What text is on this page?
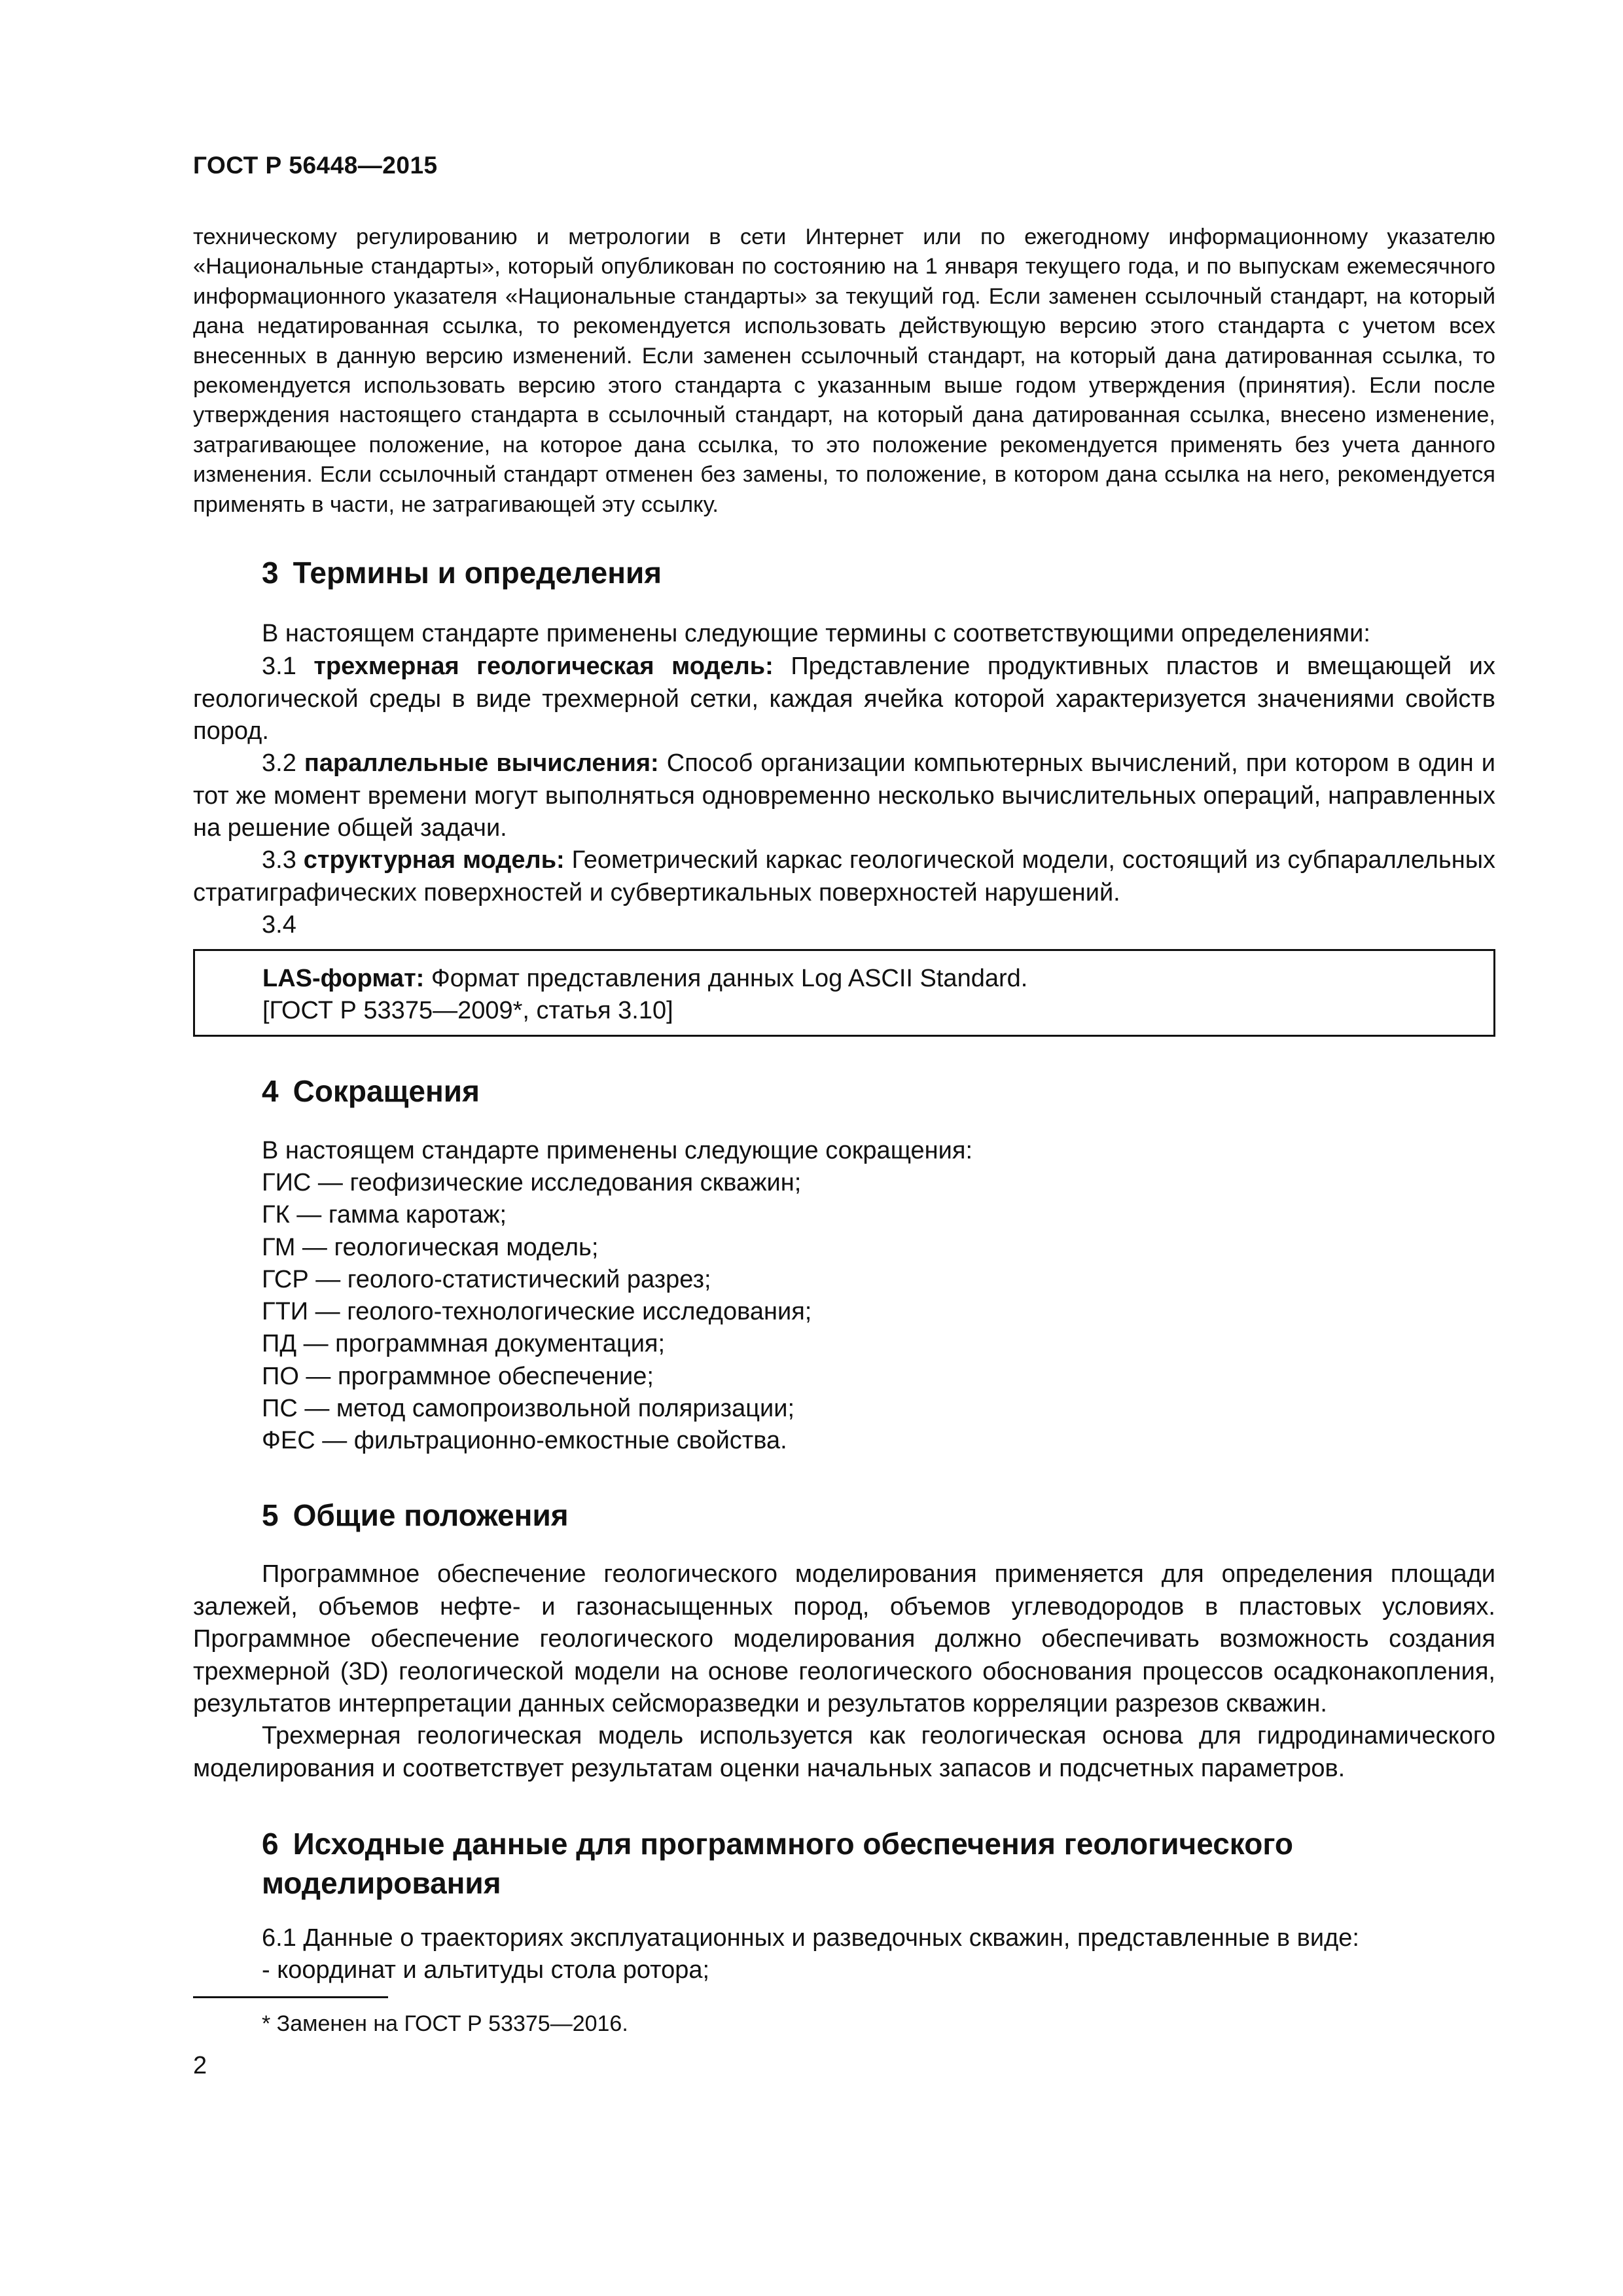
ГОСТ Р 56448—2015
техническому регулированию и метрологии в сети Интернет или по ежегодному информационному указателю «Национальные стандарты», который опубликован по состоянию на 1 января текущего года, и по выпускам ежемесячного информационного указателя «Национальные стандарты» за текущий год. Если заменен ссылочный стандарт, на который дана недатированная ссылка, то рекомендуется использовать действующую версию этого стандарта с учетом всех внесенных в данную версию изменений. Если заменен ссылочный стандарт, на который дана датированная ссылка, то рекомендуется использовать версию этого стандарта с указанным выше годом утверждения (принятия). Если после утверждения настоящего стандарта в ссылочный стандарт, на который дана датированная ссылка, внесено изменение, затрагивающее положение, на которое дана ссылка, то это положение рекомендуется применять без учета данного изменения. Если ссылочный стандарт отменен без замены, то положение, в котором дана ссылка на него, рекомендуется применять в части, не затрагивающей эту ссылку.
3 Термины и определения
В настоящем стандарте применены следующие термины с соответствующими определениями:
3.1 трехмерная геологическая модель: Представление продуктивных пластов и вмещающей их геологической среды в виде трехмерной сетки, каждая ячейка которой характеризуется значениями свойств пород.
3.2 параллельные вычисления: Способ организации компьютерных вычислений, при котором в один и тот же момент времени могут выполняться одновременно несколько вычислительных операций, направленных на решение общей задачи.
3.3 структурная модель: Геометрический каркас геологической модели, состоящий из субпараллельных стратиграфических поверхностей и субвертикальных поверхностей нарушений.
3.4
LAS-формат: Формат представления данных Log ASCII Standard.
[ГОСТ Р 53375—2009*, статья 3.10]
4 Сокращения
В настоящем стандарте применены следующие сокращения:
ГИС — геофизические исследования скважин;
ГК — гамма каротаж;
ГМ — геологическая модель;
ГСР — геолого-статистический разрез;
ГТИ — геолого-технологические исследования;
ПД — программная документация;
ПО — программное обеспечение;
ПС — метод самопроизвольной поляризации;
ФЕС — фильтрационно-емкостные свойства.
5 Общие положения
Программное обеспечение геологического моделирования применяется для определения площади залежей, объемов нефте- и газонасыщенных пород, объемов углеводородов в пластовых условиях. Программное обеспечение геологического моделирования должно обеспечивать возможность создания трехмерной (3D) геологической модели на основе геологического обоснования процессов осадконакопления, результатов интерпретации данных сейсморазведки и результатов корреляции разрезов скважин.
Трехмерная геологическая модель используется как геологическая основа для гидродинамического моделирования и соответствует результатам оценки начальных запасов и подсчетных параметров.
6 Исходные данные для программного обеспечения геологического
моделирования
6.1 Данные о траекториях эксплуатационных и разведочных скважин, представленные в виде:
- координат и альтитуды стола ротора;
* Заменен на ГОСТ Р 53375—2016.
2
